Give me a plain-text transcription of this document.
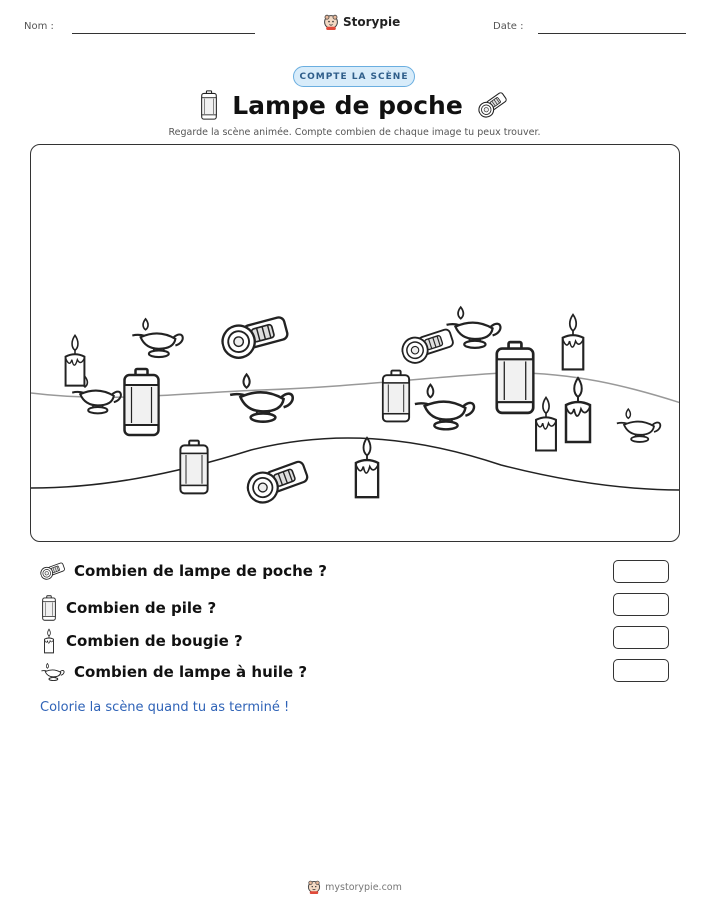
Nom :	Storypie	Date :
COMPTE LA SCÈNE
Lampe de poche
Regarde la scène animée. Compte combien de chaque image tu peux trouver.
Combien de lampe de poche ?
Combien de pile ?
Combien de bougie ?
Combien de lampe à huile ?
Colorie la scène quand tu as terminé !
mystorypie.com
